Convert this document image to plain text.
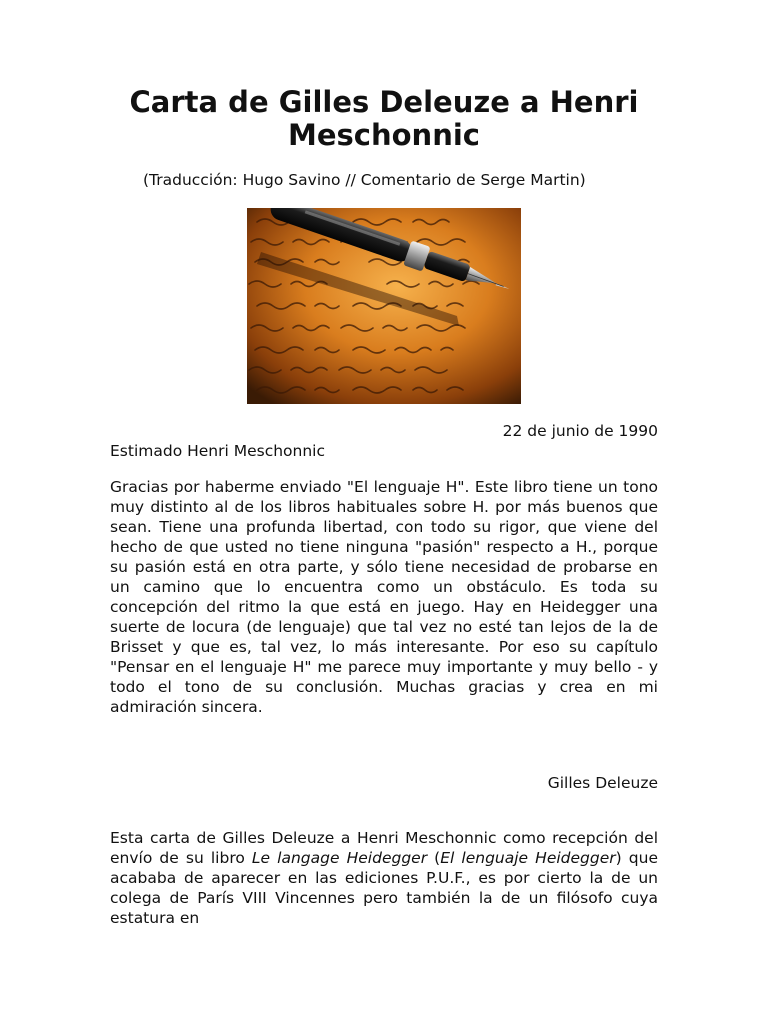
Carta de Gilles Deleuze a Henri Meschonnic
(Traducción: Hugo Savino // Comentario de Serge Martin)
22 de junio de 1990
Estimado Henri Meschonnic

Gracias por haberme enviado "El lenguaje H". Este libro tiene un tono muy distinto al de los libros habituales sobre H. por más buenos que sean. Tiene una profunda libertad, con todo su rigor, que viene del hecho de que usted no tiene ninguna "pasión" respecto a H., porque su pasión está en otra parte, y sólo tiene necesidad de probarse en un camino que lo encuentra como un obstáculo. Es toda su concepción del ritmo la que está en juego. Hay en Heidegger una suerte de locura (de lenguaje) que tal vez no esté tan lejos de la de Brisset y que es, tal vez, lo más interesante. Por eso su capítulo "Pensar en el lenguaje H" me parece muy importante y muy bello - y todo el tono de su conclusión. Muchas gracias y crea en mi admiración sincera.

Gilles Deleuze

Esta carta de Gilles Deleuze a Henri Meschonnic como recepción del envío de su libro Le langage Heidegger (El lenguaje Heidegger) que acababa de aparecer en las ediciones P.U.F., es por cierto la de un colega de París VIII Vincennes pero también la de un filósofo cuya estatura en
